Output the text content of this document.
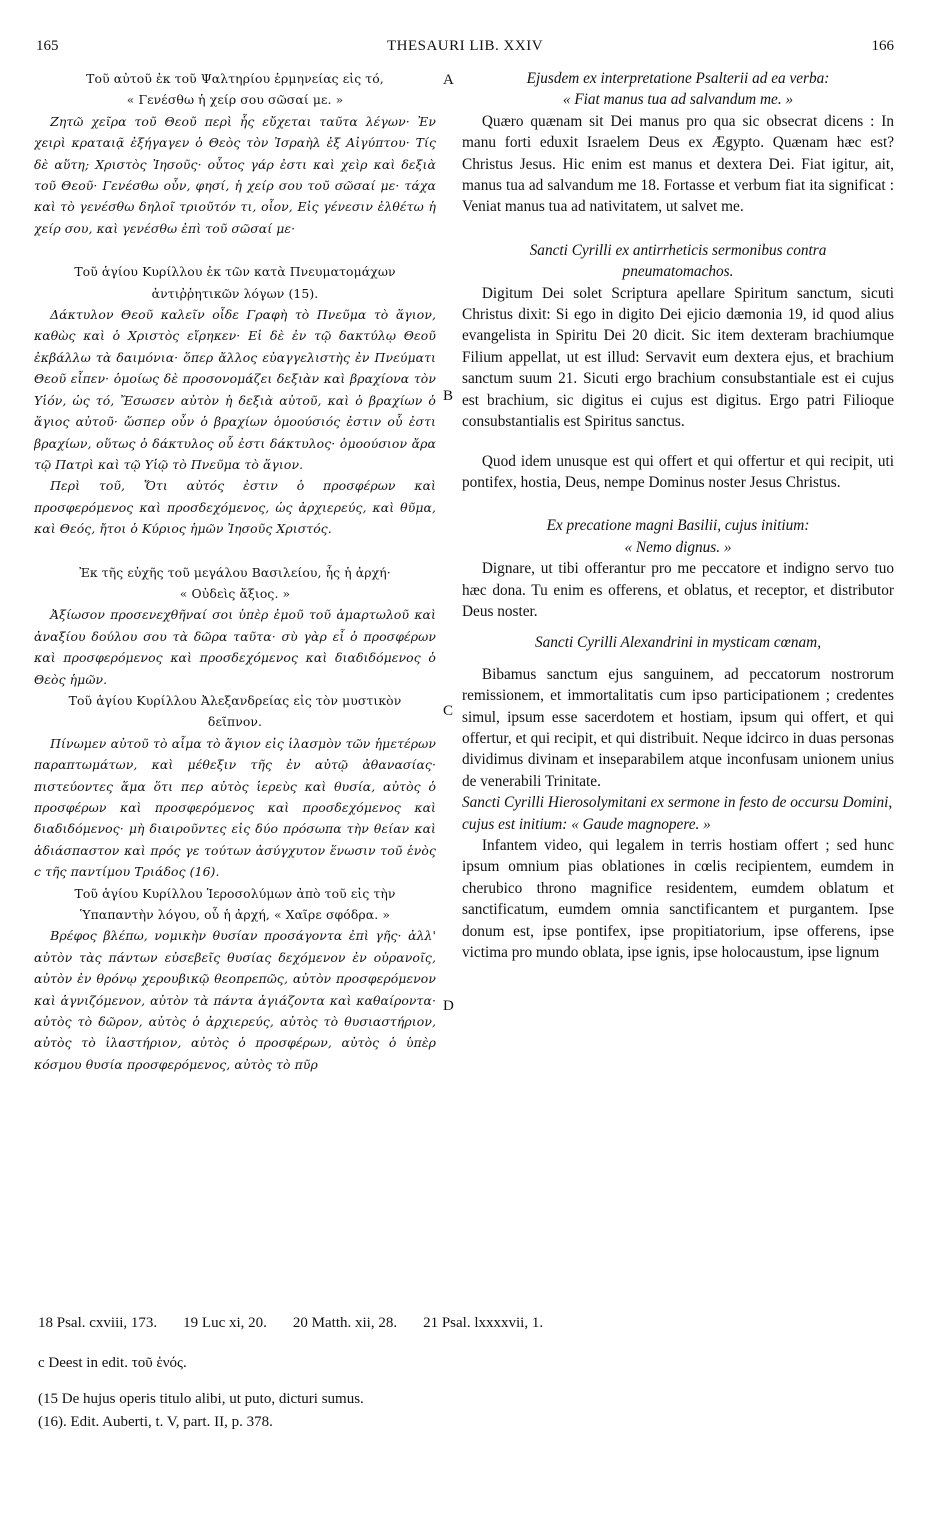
165	THESAURI LIB. XXIV	166
Τοῦ αὐτοῦ ἐκ τοῦ Ψαλτηρίου ἑρμηνείας εἰς τό,
« Γενέσθω ἡ χείρ σου σῶσαί με. »

Ζητῶ χεῖρα τοῦ Θεοῦ περὶ ἧς εὔχεται ταῦτα λέγων· Ἐν χειρὶ κραταιᾷ ἐξήγαγεν ὁ Θεὸς τὸν Ἰσραὴλ ἐξ Αἰγύπτου· Τίς δὲ αὕτη; Χριστὸς Ἰησοῦς· οὗτος γάρ ἐστι καὶ χεὶρ καὶ δεξιὰ τοῦ Θεοῦ· Γενέσθω οὖν, φησί, ἡ χείρ σου τοῦ σῶσαί με· τάχα καὶ τὸ γενέσθω δηλοῖ τριοῦτόν τι, οἷον, Εἰς γένεσιν ἐλθέτω ἡ χείρ σου, καὶ γενέσθω ἐπὶ τοῦ σῶσαί με·

Τοῦ ἁγίου Κυρίλλου ἐκ τῶν κατὰ Πνευματομάχων
ἀντιῤῥητικῶν λόγων (15).

Δάκτυλον Θεοῦ καλεῖν οἶδε Γραφὴ τὸ Πνεῦμα τὸ ἅγιον, καθὼς καὶ ὁ Χριστὸς εἴρηκεν· Εἰ δὲ ἐν τῷ δακτύλῳ Θεοῦ ἐκβάλλω τὰ δαιμόνια· ὅπερ ἄλλος εὐαγγελιστὴς ἐν Πνεύματι Θεοῦ εἶπεν· ὁμοίως δὲ προσονομάζει δεξιὰν καὶ βραχίονα τὸν Υἱόν, ὡς τό, Ἔσωσεν αὐτὸν ἡ δεξιὰ αὐτοῦ, καὶ ὁ βραχίων ὁ ἅγιος αὐτοῦ· ὥσπερ οὖν ὁ βραχίων ὁμοούσιός ἐστιν οὗ ἐστι βραχίων, οὕτως ὁ δάκτυλος οὗ ἐστι δάκτυλος· ὁμοούσιον ἄρα τῷ Πατρὶ καὶ τῷ Υἱῷ τὸ Πνεῦμα τὸ ἅγιον.

Περὶ τοῦ, Ὅτι αὐτός ἐστιν ὁ προσφέρων καὶ προσφερόμενος καὶ προσδεχόμενος, ὡς ἀρχιερεύς, καὶ θῦμα, καὶ Θεός, ἤτοι ὁ Κύριος ἡμῶν Ἰησοῦς Χριστός.

Ἐκ τῆς εὐχῆς τοῦ μεγάλου Βασιλείου, ἧς ἡ ἀρχή·
« Οὐδεὶς ἄξιος. »

Ἀξίωσον προσενεχθῆναί σοι ὑπὲρ ἐμοῦ τοῦ ἁμαρτωλοῦ καὶ ἀναξίου δούλου σου τὰ δῶρα ταῦτα· σὺ γὰρ εἶ ὁ προσφέρων καὶ προσφερόμενος καὶ προσδεχόμενος καὶ διαδιδόμενος ὁ Θεὸς ἡμῶν.

Τοῦ ἁγίου Κυρίλλου Ἀλεξανδρείας εἰς τὸν μυστικὸν
δεῖπνον.

Πίνωμεν αὐτοῦ τὸ αἷμα τὸ ἅγιον εἰς ἱλασμὸν τῶν ἡμετέρων παραπτωμάτων, καὶ μέθεξιν τῆς ἐν αὐτῷ ἀθανασίας· πιστεύοντες ἅμα ὅτι περ αὐτὸς ἱερεὺς καὶ θυσία, αὐτὸς ὁ προσφέρων καὶ προσφερόμενος καὶ προσδεχόμενος καὶ διαδιδόμενος· μὴ διαιροῦντες εἰς δύο πρόσωπα τὴν θείαν καὶ ἀδιάσπαστον καὶ πρός γε τούτων ἀσύγχυτον ἕνωσιν τοῦ ἑνὸς c τῆς παντίμου Τριάδος (16).

Τοῦ ἁγίου Κυρίλλου Ἱεροσολύμων ἀπὸ τοῦ εἰς τὴν
Ὑπαπαντὴν λόγου, οὗ ἡ ἀρχή, « Χαῖρε σφόδρα. »

Βρέφος βλέπω, νομικὴν θυσίαν προσάγοντα ἐπὶ γῆς· ἀλλ' αὐτὸν τὰς πάντων εὐσεβεῖς θυσίας δεχόμενον ἐν οὐρανοῖς, αὐτὸν ἐν θρόνῳ χερουβικῷ θεοπρεπῶς, αὐτὸν προσφερόμενον καὶ ἁγνιζόμενον, αὐτὸν τὰ πάντα ἁγιάζοντα καὶ καθαίροντα· αὐτὸς τὸ δῶρον, αὐτὸς ὁ ἀρχιερεύς, αὐτὸς τὸ θυσιαστήριον, αὐτὸς τὸ ἱλαστήριον, αὐτὸς ὁ προσφέρων, αὐτὸς ὁ ὑπὲρ κόσμου θυσία προσφερόμενος, αὐτὸς τὸ πῦρ

Ejusdem ex interpretatione Psalterii ad ea verba:
« Fiat manus tua ad salvandum me. »

Quæro quænam sit Dei manus pro qua sic obsecrat dicens : In manu forti eduxit Israelem Deus ex Ægypto. Quænam hæc est? Christus Jesus. Hic enim est manus et dextera Dei. Fiat igitur, ait, manus tua ad salvandum me 18. Fortasse et verbum fiat ita significat : Veniat manus tua ad nativitatem, ut salvet me.

Sancti Cyrilli ex antirrheticis sermonibus contra
pneumatomachos.

Digitum Dei solet Scriptura apellare Spiritum sanctum, sicuti Christus dixit: Si ego in digito Dei ejicio dæmonia 19, id quod alius evangelista in Spiritu Dei 20 dicit. Sic item dexteram brachiumque Filium appellat, ut est illud: Servavit eum dextera ejus, et brachium sanctum suum 21. Sicuti ergo brachium consubstantiale est ei cujus est brachium, sic digitus ei cujus est digitus. Ergo patri Filioque consubstantialis est Spiritus sanctus.

Quod idem unusque est qui offert et qui offertur et qui recipit, uti pontifex, hostia, Deus, nempe Dominus noster Jesus Christus.

Ex precatione magni Basilii, cujus initium:
« Nemo dignus. »

Dignare, ut tibi offerantur pro me peccatore et indigno servo tuo hæc dona. Tu enim es offerens, et oblatus, et receptor, et distributor Deus noster.

Sancti Cyrilli Alexandrini in mysticam cœnam,

Bibamus sanctum ejus sanguinem, ad peccatorum nostrorum remissionem, et immortalitatis cum ipso participationem ; credentes simul, ipsum esse sacerdotem et hostiam, ipsum qui offert, et qui offertur, et qui recipit, et qui distribuit. Neque idcirco in duas personas dividimus divinam et inseparabilem atque inconfusam unionem unius de venerabili Trinitate.

Sancti Cyrilli Hierosolymitani ex sermone in festo de occursu Domini, cujus est initium: « Gaude magnopere. »

Infantem video, qui legalem in terris hostiam offert ; sed hunc ipsum omnium pias oblationes in cœlis recipientem, eumdem in cherubico throno magnifice residentem, eumdem oblatum et sanctificatum, eumdem omnia sanctificantem et purgantem. Ipse donum est, ipse pontifex, ipse propitiatorium, ipse offerens, ipse victima pro mundo oblata, ipse ignis, ipse holocaustum, ipse lignum

A
B
C
D
18 Psal. cxviii, 173. 19 Luc xi, 20. 20 Matth. xii, 28. 21 Psal. lxxxxvii, 1.
c Deest in edit. τοῦ ἑνός.
(15 De hujus operis titulo alibi, ut puto, dicturi sumus.
(16). Edit. Auberti, t. V, part. II, p. 378.
